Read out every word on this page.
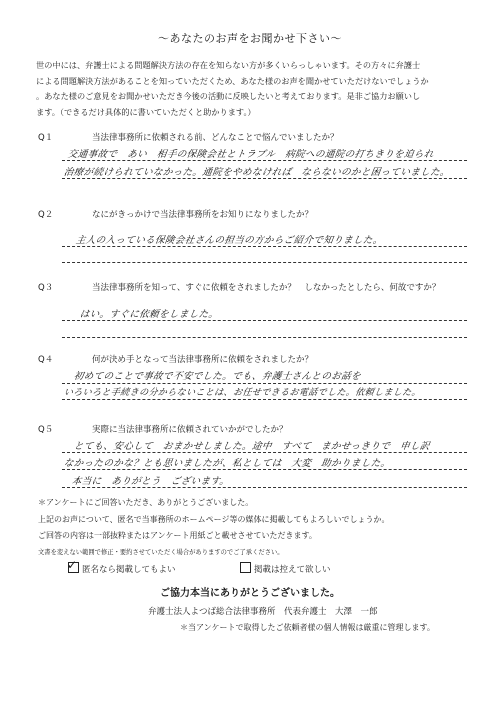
～あなたのお声をお聞かせ下さい～
世の中には、弁護士による問題解決方法の存在を知らない方が多くいらっしゃいます。その方々に弁護士
による問題解決方法があることを知っていただくため、あなた様のお声を聞かせていただけないでしょうか
。あなた様のご意見をお聞かせいただき今後の活動に反映したいと考えております。是非ご協力お願いし
ます。（できるだけ具体的に書いていただくと助かります。）
Q１	当法律事務所に依頼される前、どんなことで悩んでいましたか？
交通事故で　あい　相手の保険会社とトラブル　病院への通院の打ちきりを迫られ
治療が続けられていなかった。通院をやめなければ　ならないのかと困っていました。
Q２	なにがきっかけで当法律事務所をお知りになりましたか？
主人の入っている保険会社さんの担当の方からご紹介で知りました。
Q３	当法律事務所を知って、すぐに依頼をされましたか？　しなかったとしたら、何故ですか？
はい。すぐに依頼をしました。
Q４	何が決め手となって当法律事務所に依頼をされましたか？
初めてのことで事故で不安でした。でも、弁護士さんとのお話を
いろいろと手続きの分からないことは、お任せできるお電話でした。依頼しました。
Q５	実際に当法律事務所に依頼されていかがでしたか？
とても、安心して　おまかせしました。途中　すべて　まかせっきりで　申し訳
なかったのかな？とも思いましたが、私としては　大変　助かりました。
本当に　ありがとう　ございます。
＊アンケートにご回答いただき、ありがとうございました。
上記のお声について、匿名で当事務所のホームページ等の媒体に掲載してもよろしいでしょうか。
ご回答の内容は一部抜粋またはアンケート用紙ごと載せさせていただきます。
文書を変えない範囲で修正・要約させていただく場合がありますのでご了承ください。
✓ 匿名なら掲載してもよい	掲載は控えて欲しい
ご協力本当にありがとうございました。
弁護士法人よつば総合法律事務所　代表弁護士　大澤　一郎
＊当アンケートで取得したご依頼者様の個人情報は厳重に管理します。
